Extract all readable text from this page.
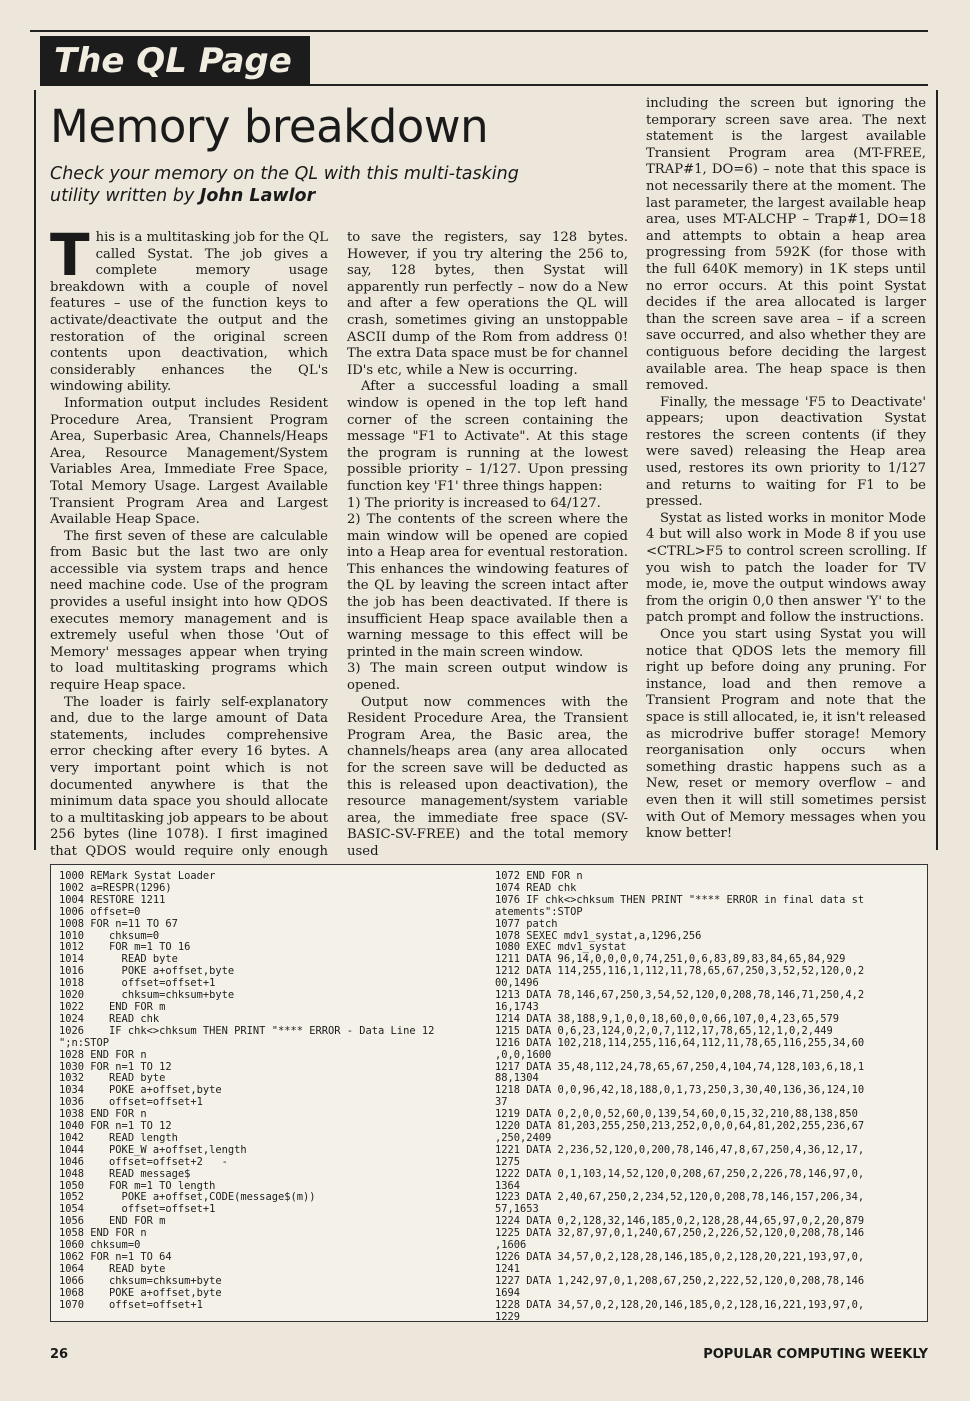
The QL Page
Memory breakdown
Check your memory on the QL with this multi-tasking utility written by John Lawlor

This is a multitasking job for the QL called Systat. The job gives a complete memory usage breakdown with a couple of novel features – use of the function keys to activate/deactivate the output and the restoration of the original screen contents upon deactivation, which considerably enhances the QL's windowing ability.

Information output includes Resident Procedure Area, Transient Program Area, Superbasic Area, Channels/Heaps Area, Resource Management/System Variables Area, Immediate Free Space, Total Memory Usage. Largest Available Transient Program Area and Largest Available Heap Space.

The first seven of these are calculable from Basic but the last two are only accessible via system traps and hence need machine code. Use of the program provides a useful insight into how QDOS executes memory management and is extremely useful when those 'Out of Memory' messages appear when trying to load multitasking programs which require Heap space.

The loader is fairly self-explanatory and, due to the large amount of Data statements, includes comprehensive error checking after every 16 bytes. A very important point which is not documented anywhere is that the minimum data space you should allocate to a multitasking job appears to be about 256 bytes (line 1078). I first imagined that QDOS would require only enough

to save the registers, say 128 bytes. However, if you try altering the 256 to, say, 128 bytes, then Systat will apparently run perfectly – now do a New and after a few operations the QL will crash, sometimes giving an unstoppable ASCII dump of the Rom from address 0! The extra Data space must be for channel ID's etc, while a New is occurring.

After a successful loading a small window is opened in the top left hand corner of the screen containing the message "F1 to Activate". At this stage the program is running at the lowest possible priority – 1/127. Upon pressing function key 'F1' three things happen:

1) The priority is increased to 64/127.

2) The contents of the screen where the main window will be opened are copied into a Heap area for eventual restoration. This enhances the windowing features of the QL by leaving the screen intact after the job has been deactivated. If there is insufficient Heap space available then a warning message to this effect will be printed in the main screen window.

3) The main screen output window is opened.

Output now commences with the Resident Procedure Area, the Transient Program Area, the Basic area, the channels/heaps area (any area allocated for the screen save will be deducted as this is released upon deactivation), the resource management/system variable area, the immediate free space (SV-BASIC-SV-FREE) and the total memory used

including the screen but ignoring the temporary screen save area. The next statement is the largest available Transient Program area (MT-FREE, TRAP#1, DO=6) – note that this space is not necessarily there at the moment. The last parameter, the largest available heap area, uses MT-ALCHP – Trap#1, DO=18 and attempts to obtain a heap area progressing from 592K (for those with the full 640K memory) in 1K steps until no error occurs. At this point Systat decides if the area allocated is larger than the screen save area – if a screen save occurred, and also whether they are contiguous before deciding the largest available area. The heap space is then removed.

Finally, the message 'F5 to Deactivate' appears; upon deactivation Systat restores the screen contents (if they were saved) releasing the Heap area used, restores its own priority to 1/127 and returns to waiting for F1 to be pressed.

Systat as listed works in monitor Mode 4 but will also work in Mode 8 if you use <CTRL>F5 to control screen scrolling. If you wish to patch the loader for TV mode, ie, move the output windows away from the origin 0,0 then answer 'Y' to the patch prompt and follow the instructions.

Once you start using Systat you will notice that QDOS lets the memory fill right up before doing any pruning. For instance, load and then remove a Transient Program and note that the space is still allocated, ie, it isn't released as microdrive buffer storage! Memory reorganisation only occurs when something drastic happens such as a New, reset or memory overflow – and even then it will still sometimes persist with Out of Memory messages when you know better!

1000 REMark Systat Loader
1002 a=RESPR(1296)
1004 RESTORE 1211
1006 offset=0
1008 FOR n=11 TO 67
1010    chksum=0
1012    FOR m=1 TO 16
1014      READ byte
1016      POKE a+offset,byte
1018      offset=offset+1
1020      chksum=chksum+byte
1022    END FOR m
1024    READ chk
1026    IF chk<>chksum THEN PRINT "**** ERROR - Data Line 12
";n:STOP
1028 END FOR n
1030 FOR n=1 TO 12
1032    READ byte
1034    POKE a+offset,byte
1036    offset=offset+1
1038 END FOR n
1040 FOR n=1 TO 12
1042    READ length
1044    POKE_W a+offset,length
1046    offset=offset+2   -
1048    READ message$
1050    FOR m=1 TO length
1052      POKE a+offset,CODE(message$(m))
1054      offset=offset+1
1056    END FOR m
1058 END FOR n
1060 chksum=0
1062 FOR n=1 TO 64
1064    READ byte
1066    chksum=chksum+byte
1068    POKE a+offset,byte
1070    offset=offset+1
1072 END FOR n
1074 READ chk
1076 IF chk<>chksum THEN PRINT "**** ERROR in final data st
atements":STOP
1077 patch
1078 SEXEC mdv1_systat,a,1296,256
1080 EXEC mdv1_systat
1211 DATA 96,14,0,0,0,0,74,251,0,6,83,89,83,84,65,84,929
1212 DATA 114,255,116,1,112,11,78,65,67,250,3,52,52,120,0,2
00,1496
1213 DATA 78,146,67,250,3,54,52,120,0,208,78,146,71,250,4,2
16,1743
1214 DATA 38,188,9,1,0,0,18,60,0,0,66,107,0,4,23,65,579
1215 DATA 0,6,23,124,0,2,0,7,112,17,78,65,12,1,0,2,449
1216 DATA 102,218,114,255,116,64,112,11,78,65,116,255,34,60
,0,0,1600
1217 DATA 35,48,112,24,78,65,67,250,4,104,74,128,103,6,18,1
88,1304
1218 DATA 0,0,96,42,18,188,0,1,73,250,3,30,40,136,36,124,10
37
1219 DATA 0,2,0,0,52,60,0,139,54,60,0,15,32,210,88,138,850
1220 DATA 81,203,255,250,213,252,0,0,0,64,81,202,255,236,67
,250,2409
1221 DATA 2,236,52,120,0,200,78,146,47,8,67,250,4,36,12,17,
1275
1222 DATA 0,1,103,14,52,120,0,208,67,250,2,226,78,146,97,0,
1364
1223 DATA 2,40,67,250,2,234,52,120,0,208,78,146,157,206,34,
57,1653
1224 DATA 0,2,128,32,146,185,0,2,128,28,44,65,97,0,2,20,879
1225 DATA 32,87,97,0,1,240,67,250,2,226,52,120,0,208,78,146
,1606
1226 DATA 34,57,0,2,128,28,146,185,0,2,128,20,221,193,97,0,
1241
1227 DATA 1,242,97,0,1,208,67,250,2,222,52,120,0,208,78,146
1694
1228 DATA 34,57,0,2,128,20,146,185,0,2,128,16,221,193,97,0,
1229
26	POPULAR COMPUTING WEEKLY
